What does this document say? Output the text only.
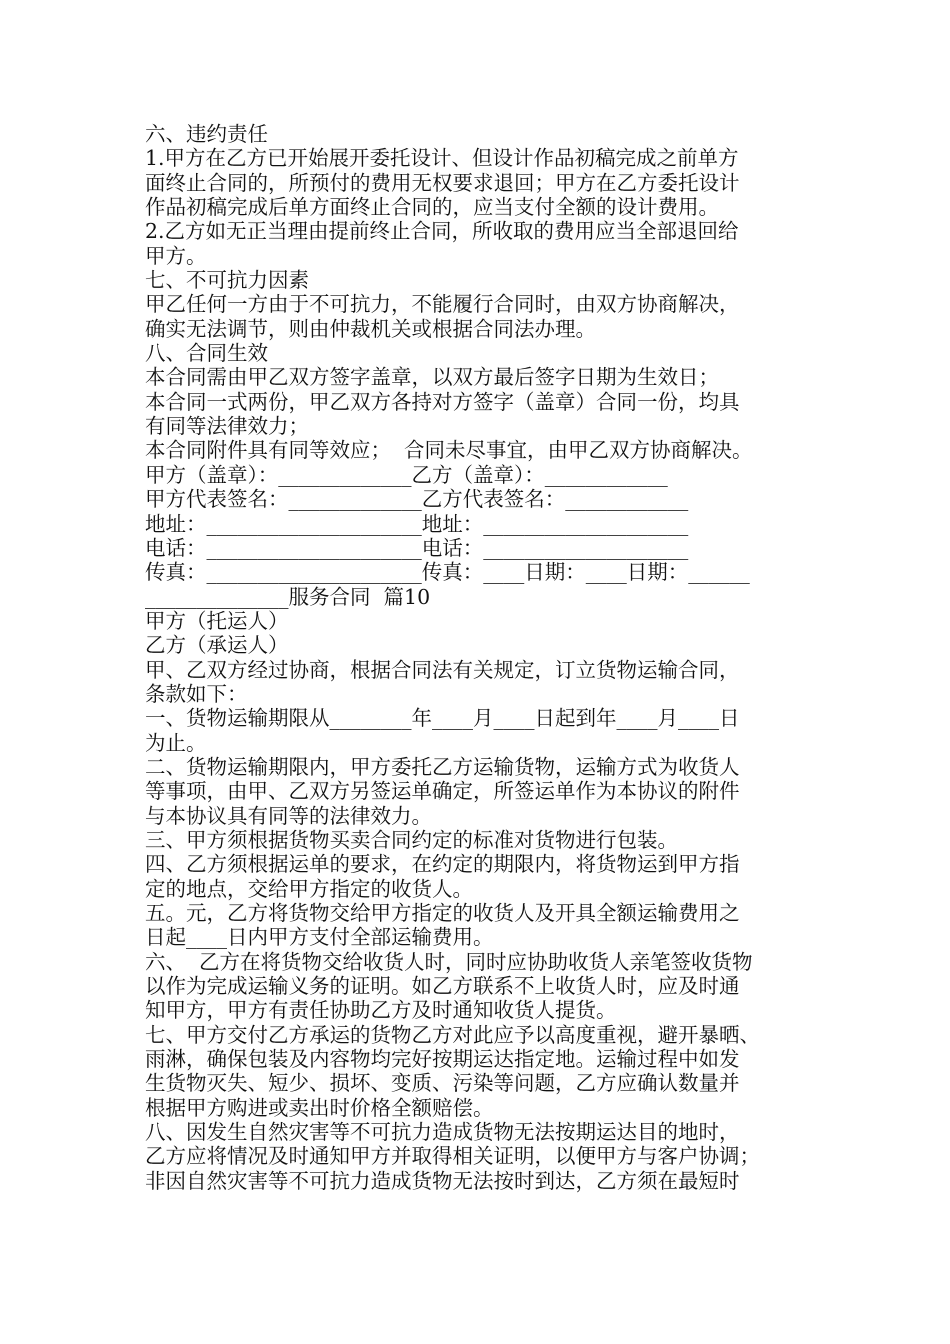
六、违约责任
1.甲方在乙方已开始展开委托设计、但设计作品初稿完成之前单方
面终止合同的，所预付的费用无权要求退回；甲方在乙方委托设计
作品初稿完成后单方面终止合同的，应当支付全额的设计费用。
2.乙方如无正当理由提前终止合同，所收取的费用应当全部退回给
甲方。
七、不可抗力因素
甲乙任何一方由于不可抗力，不能履行合同时，由双方协商解决，
确实无法调节，则由仲裁机关或根据合同法办理。
八、合同生效
本合同需由甲乙双方签字盖章，以双方最后签字日期为生效日；
本合同一式两份，甲乙双方各持对方签字（盖章）合同一份，均具
有同等法律效力；
本合同附件具有同等效应；  合同未尽事宜，由甲乙双方协商解决。
甲方（盖章）：_____________乙方（盖章）：____________
甲方代表签名：_____________乙方代表签名：____________
地址：_____________________地址：____________________
电话：_____________________电话：____________________
传真：_____________________传真：____日期：____日期：______
______________服务合同  篇10
甲方（托运人）
乙方（承运人）
甲、乙双方经过协商，根据合同法有关规定，订立货物运输合同，
条款如下：
一、货物运输期限从________年____月____日起到年____月____日
为止。
二、货物运输期限内，甲方委托乙方运输货物，运输方式为收货人
等事项，由甲、乙双方另签运单确定，所签运单作为本协议的附件
与本协议具有同等的法律效力。
三、甲方须根据货物买卖合同约定的标准对货物进行包装。
四、乙方须根据运单的要求，在约定的期限内，将货物运到甲方指
定的地点，交给甲方指定的收货人。
五。元，乙方将货物交给甲方指定的收货人及开具全额运输费用之
日起____日内甲方支付全部运输费用。
六、  乙方在将货物交给收货人时，同时应协助收货人亲笔签收货物
以作为完成运输义务的证明。如乙方联系不上收货人时，应及时通
知甲方，甲方有责任协助乙方及时通知收货人提货。
七、甲方交付乙方承运的货物乙方对此应予以高度重视，避开暴晒、
雨淋，确保包装及内容物均完好按期运达指定地。运输过程中如发
生货物灭失、短少、损坏、变质、污染等问题，乙方应确认数量并
根据甲方购进或卖出时价格全额赔偿。
八、因发生自然灾害等不可抗力造成货物无法按期运达目的地时，
乙方应将情况及时通知甲方并取得相关证明，以便甲方与客户协调；
非因自然灾害等不可抗力造成货物无法按时到达，乙方须在最短时
